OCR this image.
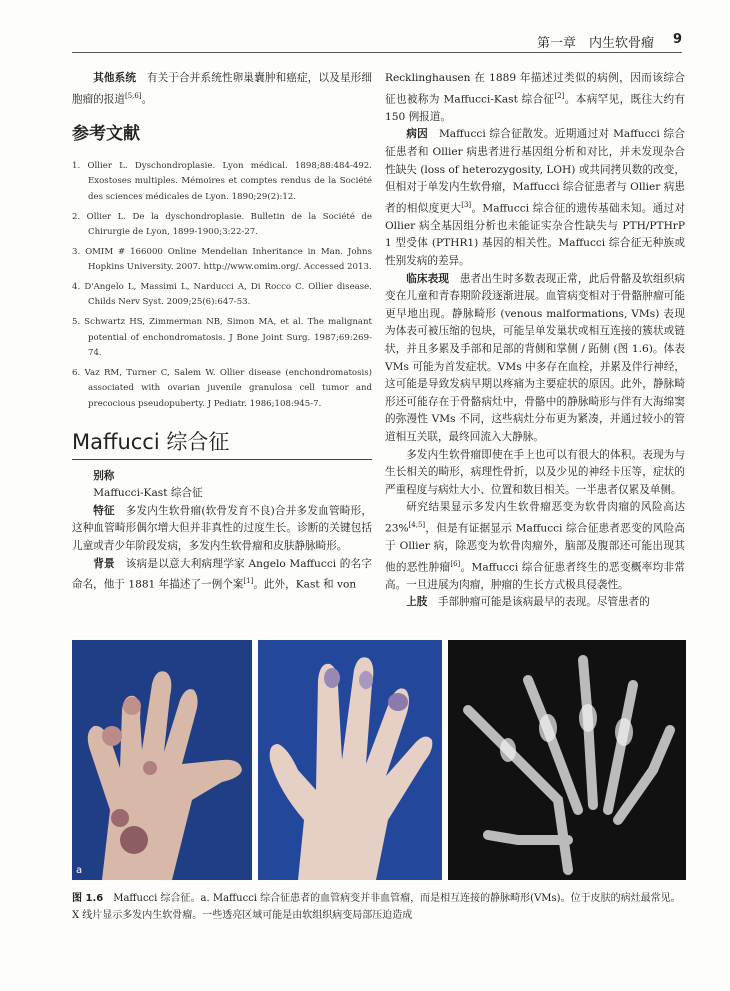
第一章　内生软骨瘤 9

其他系统　 有关于合并系统性卵巢囊肿和癌症，以及星形细胞瘤的报道[5,6]。

参考文献
1. Ollier L. Dyschondroplasie. Lyon médical. 1898;88:484-492. Exostoses multiples. Mémoires et comptes rendus de la Société des sciences médicales de Lyon. 1890;29(2):12.
2. Ollier L. De la dyschondroplasie. Bulletin de la Société de Chirurgie de Lyon, 1899-1900;3:22-27.
3. OMIM # 166000 Online Mendelian Inheritance in Man. Johns Hopkins University. 2007. http://www.omim.org/. Accessed 2013.
4. D'Angelo L, Massimi L, Narducci A, Di Rocco C. Ollier disease. Childs Nerv Syst. 2009;25(6):647-53.
5. Schwartz HS, Zimmerman NB, Simon MA, et al. The malignant potential of enchondromatosis. J Bone Joint Surg. 1987;69:269-74.
6. Vaz RM, Turner C, Salem W. Ollier disease (enchondromatosis) associated with ovarian juvenile granulosa cell tumor and precocious pseudopuberty. J Pediatr. 1986;108:945-7.
Maffucci 综合征

别称

Maffucci-Kast 综合征

特征　 多发内生软骨瘤(软骨发育不良)合并多发血管畸形，这种血管畸形偶尔增大但并非真性的过度生长。诊断的关键包括儿童或青少年阶段发病，多发内生软骨瘤和皮肤静脉畸形。

背景　 该病是以意大利病理学家 Angelo Maffucci 的名字命名，他于 1881 年描述了一例个案[1]。此外，Kast 和 von

Recklinghausen 在 1889 年描述过类似的病例，因而该综合征也被称为 Maffucci-Kast 综合征[2]。本病罕见，既往大约有 150 例报道。

病因　 Maffucci 综合征散发。近期通过对 Maffucci 综合征患者和 Ollier 病患者进行基因组分析和对比，并未发现杂合性缺失 (loss of heterozygosity, LOH) 或共同拷贝数的改变，但相对于单发内生软骨瘤，Maffucci 综合征患者与 Ollier 病患者的相似度更大[3]。Maffucci 综合征的遗传基础未知。通过对 Ollier 病全基因组分析也未能证实杂合性缺失与 PTH/PTHrP 1 型受体 (PTHR1) 基因的相关性。Maffucci 综合征无种族或性别发病的差异。

临床表现　 患者出生时多数表现正常，此后骨骼及软组织病变在儿童和青春期阶段逐渐进展。血管病变相对于骨骼肿瘤可能更早地出现。静脉畸形 (venous malformations, VMs) 表现为体表可被压缩的包块，可能呈单发巢状或相互连接的簇状或链状，并且多累及手部和足部的背侧和掌侧 / 跖侧 (图 1.6)。体表 VMs 可能为首发症状。VMs 中多存在血栓，并累及伴行神经，这可能是导致发病早期以疼痛为主要症状的原因。此外，静脉畸形还可能存在于骨骼病灶中，骨骼中的静脉畸形与伴有大海绵窦的弥漫性 VMs 不同，这些病灶分布更为紧凑，并通过较小的管道相互关联，最终回流入大静脉。

多发内生软骨瘤即使在手上也可以有很大的体积。表现为与生长相关的畸形，病理性骨折，以及少见的神经卡压等，症状的严重程度与病灶大小、位置和数目相关。一半患者仅累及单侧。

研究结果显示多发内生软骨瘤恶变为软骨肉瘤的风险高达 23%[4,5]，但是有证据显示 Maffucci 综合征患者恶变的风险高于 Ollier 病，除恶变为软骨肉瘤外，脑部及腹部还可能出现其他的恶性肿瘤[6]。Maffucci 综合征患者终生的恶变概率均非常高。一旦进展为肉瘤，肿瘤的生长方式极具侵袭性。

上肢　 手部肿瘤可能是该病最早的表现。尽管患者的

a
图 1.6　 Maffucci 综合征。a. Maffucci 综合征患者的血管病变并非血管瘤，而是相互连接的静脉畸形(VMs)。位于皮肤的病灶最常见。X 线片显示多发内生软骨瘤。一些透亮区域可能是由软组织病变局部压迫造成
